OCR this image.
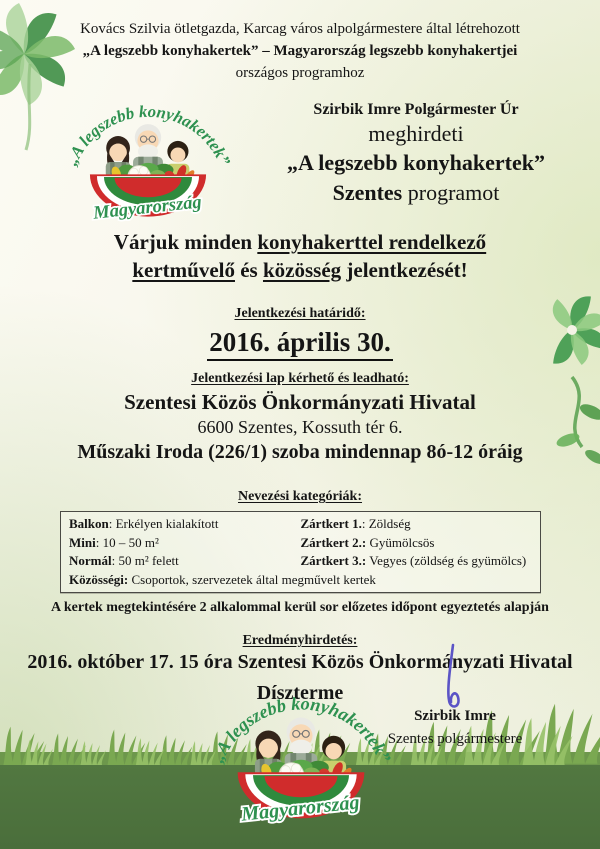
Kovács Szilvia ötletgazda, Karcag város alpolgármestere által létrehozott
„A legszebb konyhakertek” – Magyarország legszebb konyhakertjei
országos programhoz
Szirbik Imre Polgármester Úr
meghirdeti
„A legszebb konyhakertek”
Szentes programot
Várjuk minden konyhakerttel rendelkező
kertművelő és közösség jelentkezését!
Jelentkezési határidő:
2016. április 30.
Jelentkezési lap kérhető és leadható:
Szentesi Közös Önkormányzati Hivatal
6600 Szentes, Kossuth tér 6.
Műszaki Iroda (226/1) szoba mindennap 8ó-12 óráig
Nevezési kategóriák:
Balkon: Erkélyen kialakított	Zártkert 1.: Zöldség
Mini: 10 – 50 m²	Zártkert 2.: Gyümölcsös
Normál: 50 m² felett	Zártkert 3.: Vegyes (zöldség és gyümölcs)
Közösségi: Csoportok, szervezetek által megművelt kertek
A kertek megtekintésére 2 alkalommal kerül sor előzetes időpont egyeztetés alapján
Eredményhirdetés:
2016. október 17. 15 óra Szentesi Közös Önkormányzati Hivatal
Díszterme
Szirbik Imre
Szentes polgármestere
